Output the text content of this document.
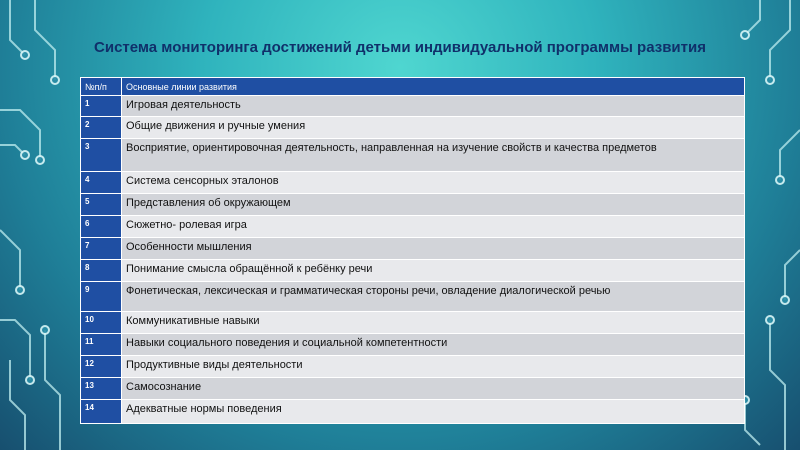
Система мониторинга достижений детьми индивидуальной программы развития
№п/п	Основные линии развития
1	Игровая деятельность
2	Общие движения и ручные умения
3	Восприятие, ориентировочная деятельность, направленная на изучение свойств и качества предметов
4	Система сенсорных эталонов
5	Представления об окружающем
6	Сюжетно- ролевая игра
7	Особенности мышления
8	Понимание смысла обращённой к ребёнку речи
9	Фонетическая, лексическая и грамматическая стороны речи, овладение диалогической речью
10	Коммуникативные навыки
11	Навыки социального поведения и социальной компетентности
12	Продуктивные виды деятельности
13	Самосознание
14	Адекватные нормы поведения
